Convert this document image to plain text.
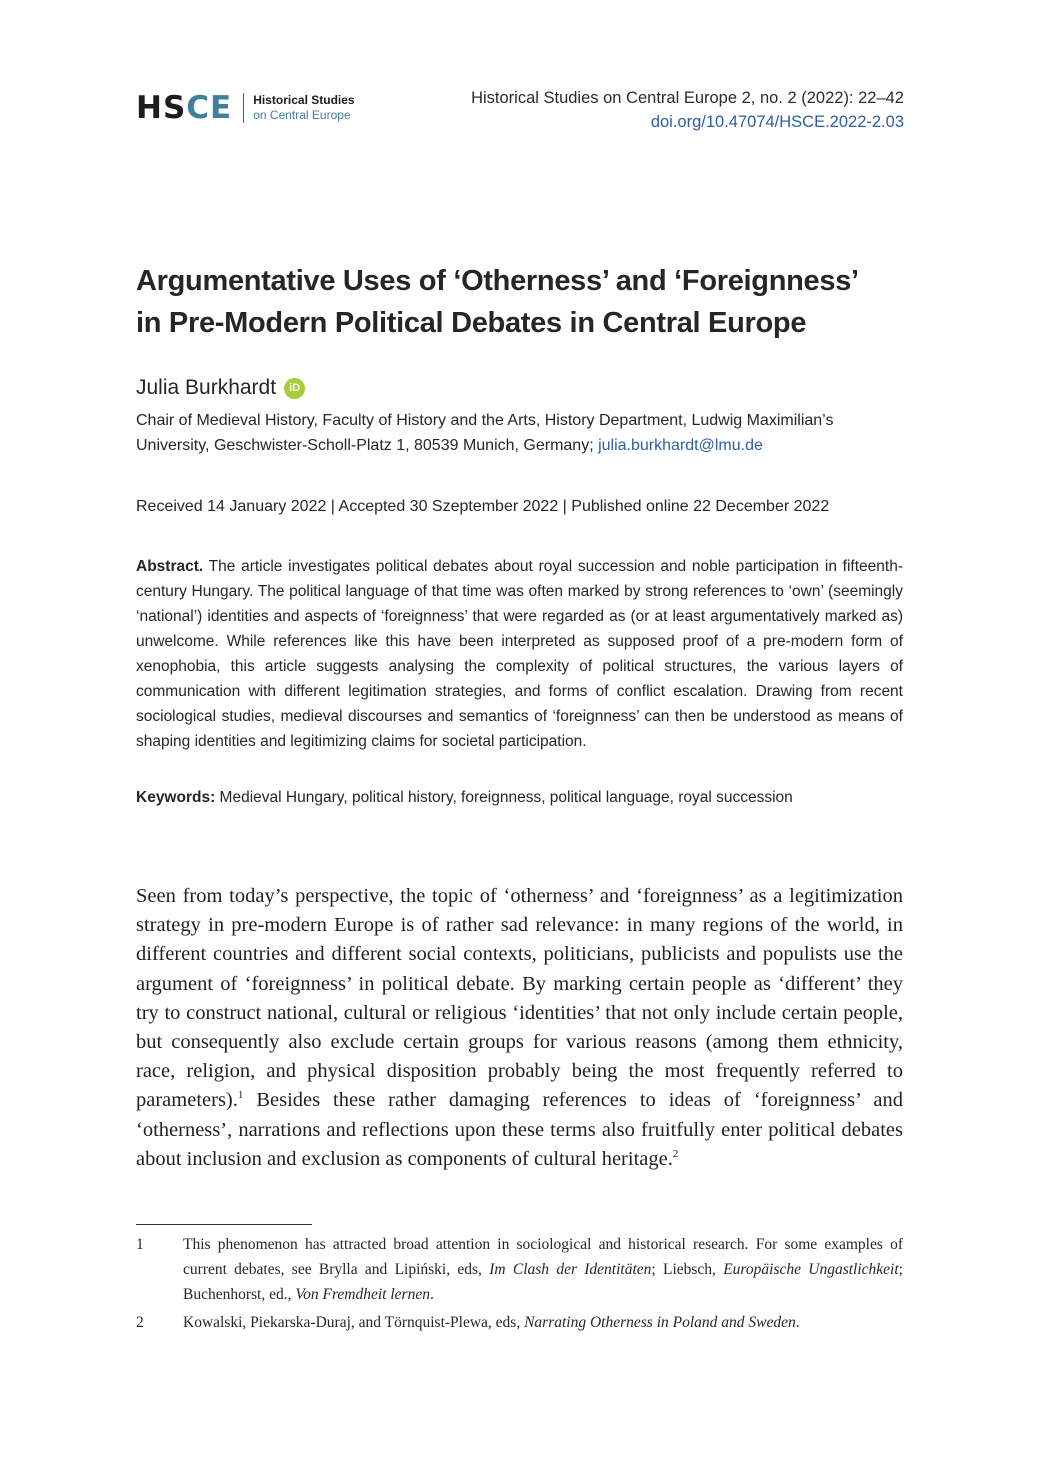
HSCE Historical Studies
on Central Europe
Historical Studies on Central Europe 2, no. 2 (2022): 22–42
doi.org/10.47074/HSCE.2022-2.03
Argumentative Uses of ‘Otherness’ and ‘Foreignness’
in Pre-Modern Political Debates in Central Europe
Julia Burkhardt	iD
Chair of Medieval History, Faculty of History and the Arts, History Department, Ludwig Maximilian’s University, Geschwister-Scholl-Platz 1, 80539 Munich, Germany; julia.burkhardt@lmu.de
Received 14 January 2022 | Accepted 30 Szeptember 2022 | Published online 22 December 2022
Abstract. The article investigates political debates about royal succession and noble participation in fifteenth-century Hungary. The political language of that time was often marked by strong references to ‘own’ (seemingly ‘national’) identities and aspects of ‘foreignness’ that were regarded as (or at least argumentatively marked as) unwelcome. While references like this have been interpreted as supposed proof of a pre-modern form of xenophobia, this article suggests analysing the complexity of political structures, the various layers of communication with different legitimation strategies, and forms of conflict escalation. Drawing from recent sociological studies, medieval discourses and semantics of ‘foreignness’ can then be understood as means of shaping identities and legitimizing claims for societal participation.
Keywords: Medieval Hungary, political history, foreignness, political language, royal succession
Seen from today’s perspective, the topic of ‘otherness’ and ‘foreignness’ as a legitimization strategy in pre-modern Europe is of rather sad relevance: in many regions of the world, in different countries and different social contexts, politicians, publicists and populists use the argument of ‘foreignness’ in political debate. By marking certain people as ‘different’ they try to construct national, cultural or religious ‘identities’ that not only include certain people, but consequently also exclude certain groups for various reasons (among them ethnicity, race, religion, and physical disposition probably being the most frequently referred to parameters).$^1$ Besides these rather damaging references to ideas of ‘foreignness’ and ‘otherness’, narrations and reflections upon these terms also fruitfully enter political debates about inclusion and exclusion as components of cultural heritage.$^2$
1	This phenomenon has attracted broad attention in sociological and historical research. For some examples of current debates, see Brylla and Lipiński, eds, Im Clash der Identitäten; Liebsch, Europäische Ungastlichkeit; Buchenhorst, ed., Von Fremdheit lernen.
2	Kowalski, Piekarska-Duraj, and Törnquist-Plewa, eds, Narrating Otherness in Poland and Sweden.
